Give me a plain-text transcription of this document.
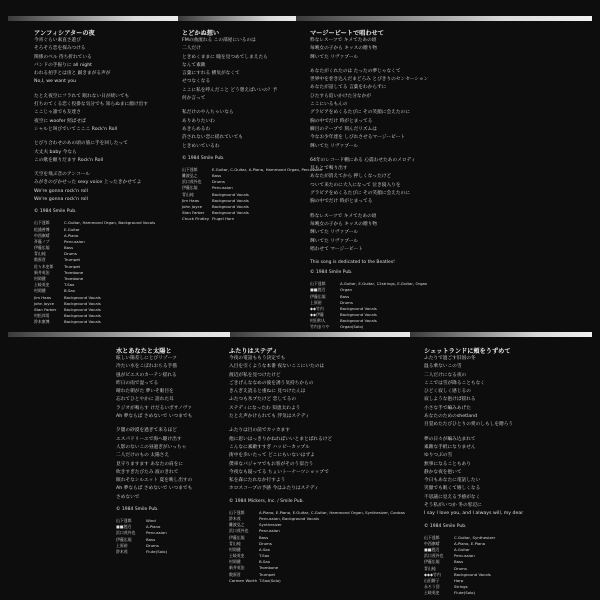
アンフィシアターの夜
今宵ぐらい素直さ遊び
そろそろ恋を探みつける
関係のベル 待ち折れている
バンドの手振りに all night
われる拍手とは宙と 踊きまがる声が
No,I, we want you
たとえ夜空にフラれて 眠れない日が続いても
打ちのてくる恋く投掛な気分でも 知らぬまに顔け出す
ここじゃ誰でも友達さ
夜空に woofer 照ばせば
シャルと叫びでいてこここ Rock'n Roll
とびり合わせのあの頃の旅に手を回したって
大丈夫 baby 今なら
この歌を頼りだます Rock'n Roll
天空を飛ぶ音のアンコール
みがきのびかせった sexy voice 上ったきかせてよ
We're gonna rock'n roll
We're gonna rock'n roll
© 1984 Smile Pub.
山下達郎	C.Guitar, Hammond Organ, Background Vocals
松浦善博	E.Guitar
中西康晴	A.Piano
斉藤ノブ	Percussion
伊藤広規	Bass
青山純	Drums
数原晋	Trumpet
佐々木史郎	Trumpet
新井英治	Trombone
村岡健	Trombone
土岐英史	T.Sax
村岡健	B.Sax
Jim Haas	Background Vocals
John Joyce	Background Vocals
Stan Farber	Background Vocals
村松邦男	Background Vocals
鈴木康博	Background Vocals
とどかぬ想い
FMの曲流れる この部屋にいるのは
二人だけ
ときめくままに 瞳を見つめてしまえたら
なんて素敵
言葉にすれる 横気がなくて
せつなくなる
ここに私を呼んだこと どう想えばいいの？予
何か言って
私だけのやんちゃいなら
ありありたいわ
あきらめるわ
許されない恋に揺れていても
ときめいているわ
© 1984 Smile Pub.
山下達郎	E.Guitar, C.Guitar, A.Piano, Hammond Organ, Percussion
難波弘之	Bass
浜口茂外也	Drums
伊藤広規	Percussion
青山純	Background Vocals
Jim Haas	Background Vocals
John Joyce	Background Vocals
Stan Farber	Background Vocals
Chuck Findley Flugel Horn
マージービートで唱わせて
粋なレスーツで キメてたあの頃
毎晩女の子から キッスの贈り物
輝いてた リヴァプール
あなたがくれたのは たったの夢じゃなくて
世界中を巻き込んだまどろみ とびきりのセンセーション
あなたが話してる 言葉をわからずに
ひたすら追いかけた分なかが
ここにいるもんの
グラビアをめくるたびに その笑顔に会えたのに
胸の中でだけ 時がとまってる
瞬目のテープで 刻んだリズムは
今なお少年達を しびれさせるマージービート
輝いてた リヴァプール
64年のレコード棚にある 心震わせたあのメロディ
耳もとで鳴り出す
あなたが消えてから 押しくなったけど
ついて来たのに大人になって 泣き寝入りを
グラビアをめくるたびに その笑顔に会えたのに
胸の中でだけ 時がとまってる
粋なレスーツで キメてたあの頃
毎晩女の子から キッスの贈り物
輝いてた リヴァプール
輝いてた リヴァプール
唱わせて マージービート
This song is dedicated to the Beatles!
© 1984 Smile Pub.
山下達郎	A.Guitar, E.Guitar, 12strings, E.Guitar, Organ
■■渡辺	Organ
伊藤広規	Bass
上原裕	Drums
◆◆竹内	Background Vocals
◆◆伊藤	Background Vocals
村田和人	Background Vocals
竹内まりや	Organ(Solo)
水とあなたと太陽と
眩しい陽差しにとびリゾーツ
冷たい水をこぼれおちる手描
風がビエスのカーテン揺れる
昨日の雨で湿ってる
晴れた朝がた 夢いそ眼目を
忘れてひとやかに 語れた耳
ラジオが鳴らす けだるいボサノヴァ
Ah 夢ならば さめないで いつまでも
夕闇の砂漠を過ぎて来るほど
エスパドリーユで海へ駆け出す
人影のないこの昼過ぎがいっちゃ
二人だけのもの 太陽さえ
見守りますます あなたの肩をに
吹きすぎたびたみ 波のきれて
眠れそなシルエット 夏を映し出すの
Ah 夢ならば さめないで いつまでも
さめないで
© 1984 Smile Pub.
山下達郎	Wind
■■渡辺	A.Piano
浜口茂外也	Percussion
伊藤広規	Bass
上原裕	Drums
鈴木茂	Flute(Solo)
ふたりはステディ
今夜の電話ももう決定でも
入目を引くような本番 夜ないここにいたのは
渡辺が私を見つけたけど
ごきげんななめの彼を誘う気持ちからの
きんぎえ読ると重ねに 見つけたんは
ふたつも氷ブたけど 恋してるの
ステディになったわ 知恵太わよう
たとえ声かけられても 浮気はステディ
ふたりは目の前でカッカます
他に思いはっきりかねればいいとまとばれるけど
こんなに素敵すすぎ ハッピーカップル
街中を歩いたって どこにもいないはずよ
僕車なパジャマでもお客がそのう似合う
今夜なも寝ってる ちょいトーナーツショップで
私を森にたれなか行すよう
ホロスコープの予感 今はふたりはステディ
© 1984 Mickers, Inc. / Smile Pub.
山下達郎	A.Piano, E.Piano, E.Guitar, C.Guitar, Hammond Organ, Synthesizer, Conbas
鈴木茂	Percussion, Background Vocals
難波弘之	Synthesizer
浜口茂外也	Percussion
伊藤広規	Bass
青山純	Drums
村岡健	A.Sax
土岐英史	T.Sax
村岡健	B.Sax
新井英治	Trombone
数原晋	Trumpet
Carmen Worth T.Sax(Solo)
シェットランドに頬をうずめて
ふたりで過ごす旧国の冬
温る乗ないこの雪
二人だけになる夜の
ここでは雪が降ることもなく
ひどく寂しく感じるの
寂しような抱けば揺れる
小さな手で編みあげた
あなたのためのshetland
目覚めたたびひとりの愛のしもしを贈ろう
夢の日々が編み込まれて
素敵な手紙になりません
ゆりつぶの雪
無事になることもあり
静かな夜を抱いて
今日もあなたに電話したい
笑顔でも眠くて嬉しくなる
不思議に見える予感がなく
そう私がいつか 冬の窓辺に
I say I love you, and I always will, my dear
© 1984 Smile Pub.
山下達郎	C.Guitar, Synthesizer
中西康晴	A.Piano, E.Piano
■■渡辺	A.Guitar
浜口茂外也	Percussion
伊藤広規	Bass
青山純	Drums
◆◆◆竹内	Background Vocals
山田勝子	Harp
永ろう団	Strings
土岐英史	Flute(Solo)
